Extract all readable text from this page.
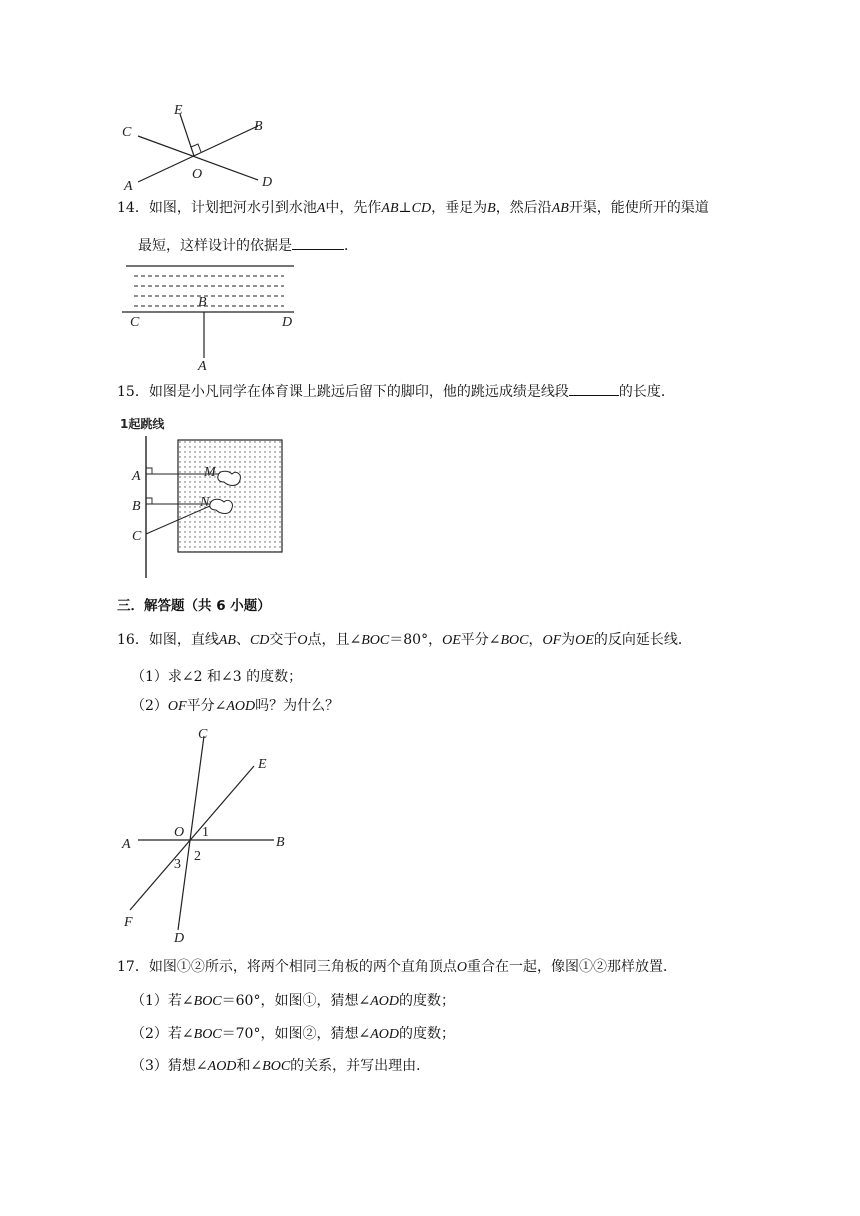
E
B
C
O
A	D
14．如图，计划把河水引到水池A中，先作AB⊥CD，垂足为B，然后沿AB开渠，能使所开的渠道
最短，这样设计的依据是	．
B
C	D
A
15．如图是小凡同学在体育课上跳远后留下的脚印，他的跳远成绩是线段	的长度．
1起跳线
M
N
A
B
C
三．解答题（共 6 小题）
16．如图，直线AB、CD交于O点，且∠BOC＝80°，OE平分∠BOC，OF为OE的反向延长线．
（1）求∠2 和∠3 的度数；
（2）OF平分∠AOD吗？为什么？
C
E
O 1
A	B
2
3
F
D
17．如图①②所示，将两个相同三角板的两个直角顶点O重合在一起，像图①②那样放置．
（1）若∠BOC＝60°，如图①，猜想∠AOD的度数；
（2）若∠BOC＝70°，如图②，猜想∠AOD的度数；
（3）猜想∠AOD和∠BOC的关系，并写出理由．
